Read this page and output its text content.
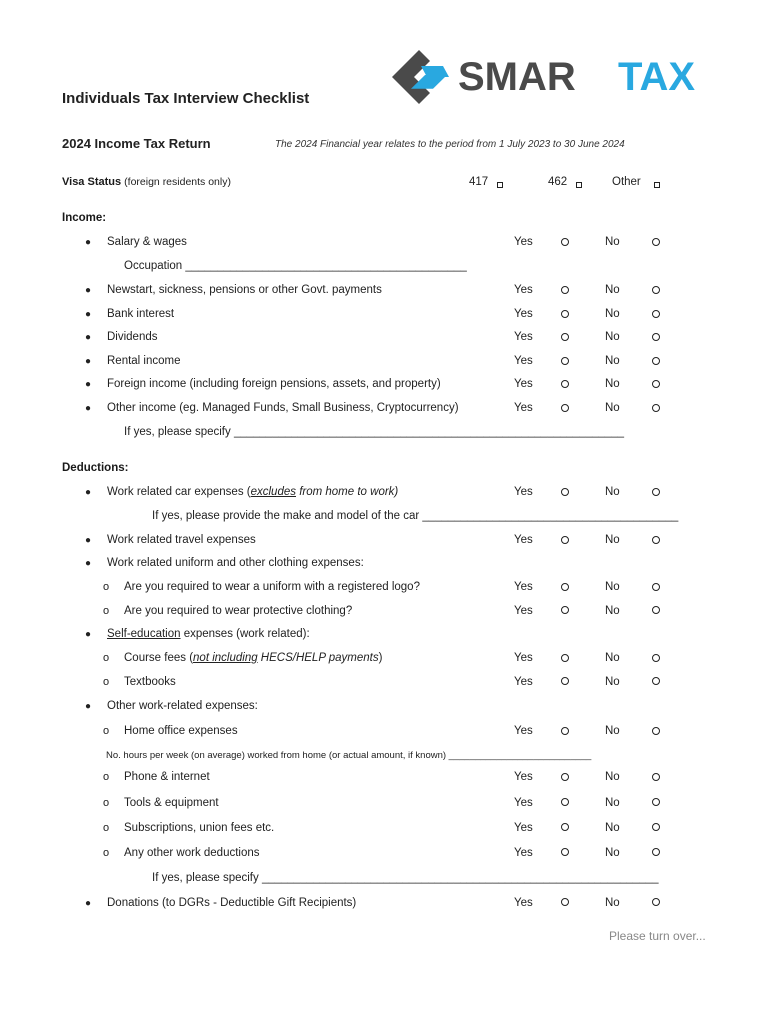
SMAR TAX
Individuals Tax Interview Checklist
2024 Income Tax Return	The 2024 Financial year relates to the period from 1 July 2023 to 30 June 2024
Visa Status (foreign residents only)	417	462	Other
Income:
● Salary & wages	Yes	No
Occupation ____________________________________________
● Newstart, sickness, pensions or other Govt. payments	Yes	No
● Bank interest	Yes	No
● Dividends	Yes	No
● Rental income	Yes	No
● Foreign income (including foreign pensions, assets, and property)	Yes	No
● Other income (eg. Managed Funds, Small Business, Cryptocurrency)	Yes	No
If yes, please specify _____________________________________________________________
Deductions:
● Work related car expenses (excludes from home to work)	Yes	No
If yes, please provide the make and model of the car ________________________________________
● Work related travel expenses	Yes	No
● Work related uniform and other clothing expenses:
o Are you required to wear a uniform with a registered logo?	Yes	No
o Are you required to wear protective clothing?	Yes	No
● Self-education expenses (work related):
o Course fees (not including HECS/HELP payments)	Yes	No
o Textbooks	Yes	No
● Other work-related expenses:
o Home office expenses	Yes	No
No. hours per week (on average) worked from home (or actual amount, if known) ___________________________
o Phone & internet	Yes	No
o Tools & equipment	Yes	No
o Subscriptions, union fees etc.	Yes	No
o Any other work deductions	Yes	No
If yes, please specify ______________________________________________________________
● Donations (to DGRs - Deductible Gift Recipients)	Yes	No
Please turn over...
